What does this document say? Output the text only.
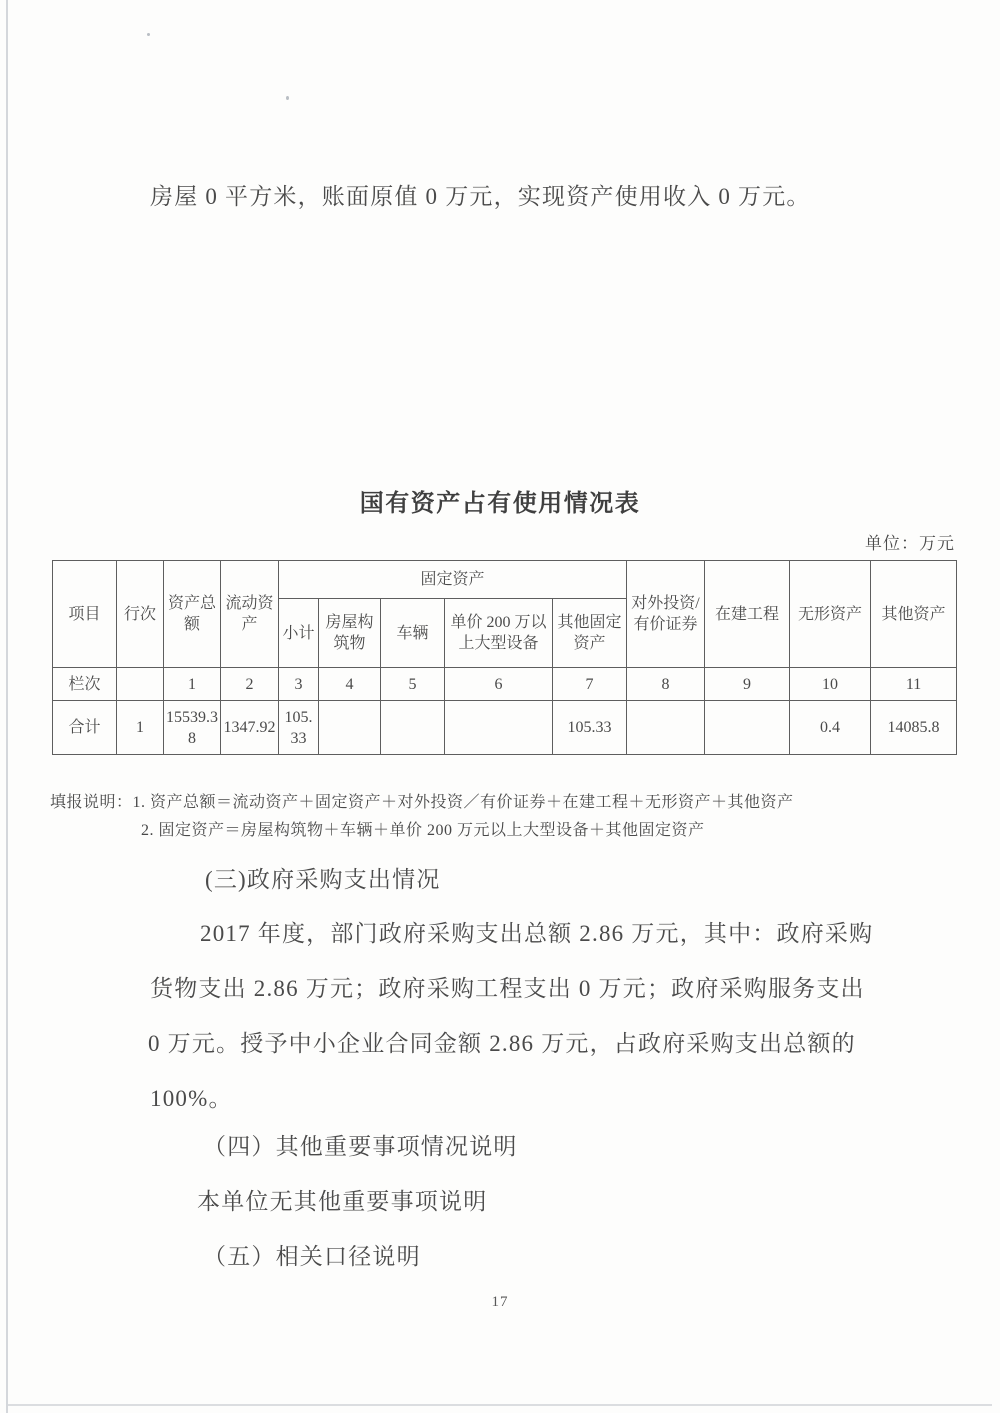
房屋 0 平方米，账面原值 0 万元，实现资产使用收入 0 万元。
国有资产占有使用情况表
单位：万元
项目	行次	资产总额	流动资产	固定资产					对外投资/有价证券	在建工程	无形资产	其他资产
				小计	房屋构筑物	车辆	单价 200 万以上大型设备	其他固定资产				
栏次		1	2	3	4	5	6	7	8	9	10	11
合计	1	15539.38	1347.92	105.33				105.33			0.4	14085.8
填报说明：1. 资产总额＝流动资产＋固定资产＋对外投资／有价证券＋在建工程＋无形资产＋其他资产
2. 固定资产＝房屋构筑物＋车辆＋单价 200 万元以上大型设备＋其他固定资产
(三)政府采购支出情况
2017 年度，部门政府采购支出总额 2.86 万元，其中：政府采购
货物支出 2.86 万元；政府采购工程支出 0 万元；政府采购服务支出
0 万元。授予中小企业合同金额 2.86 万元，占政府采购支出总额的
100%。
（四）其他重要事项情况说明
本单位无其他重要事项说明
（五）相关口径说明
17
